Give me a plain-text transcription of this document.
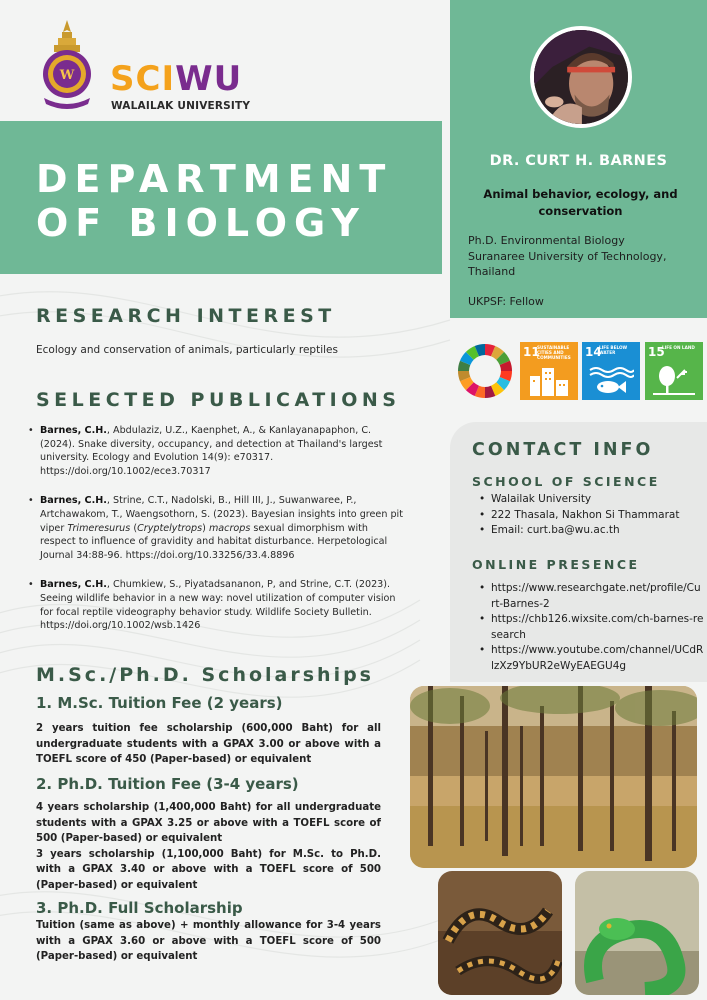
W SCIWU
WALAILAK UNIVERSITY
DEPARTMENT
OF BIOLOGY
DR. CURT H. BARNES
Animal behavior, ecology, and conservation
Ph.D. Environmental Biology
Suranaree University of Technology, Thailand
UKPSF: Fellow
RESEARCH INTEREST
Ecology and conservation of animals, particularly reptiles	11
SUSTAINABLE CITIES AND COMMUNITIES	14
LIFE BELOW WATER	15
LIFE ON LAND
SELECTED PUBLICATIONS
• Barnes, C.H., Abdulaziz, U.Z., Kaenphet, A., & Kanlayanapaphon, C. (2024). Snake diversity, occupancy, and detection at Thailand's largest university. Ecology and Evolution 14(9): e70317. https://doi.org/10.1002/ece3.70317
• Barnes, C.H., Strine, C.T., Nadolski, B., Hill III, J., Suwanwaree, P., Artchawakom, T., Waengsothorn, S. (2023). Bayesian insights into green pit viper Trimeresurus (Cryptelytrops) macrops sexual dimorphism with respect to influence of gravidity and habitat disturbance. Herpetological Journal 34:88-96. https://doi.org/10.33256/33.4.8896
• Barnes, C.H., Chumkiew, S., Piyatadsananon, P, and Strine, C.T. (2023). Seeing wildlife behavior in a new way: novel utilization of computer vision for focal reptile videography behavior study. Wildlife Society Bulletin. https://doi.org/10.1002/wsb.1426
CONTACT INFO
SCHOOL OF SCIENCE
• Walailak University
• 222 Thasala, Nakhon Si Thammarat
• Email: curt.ba@wu.ac.th
ONLINE PRESENCE
• https://www.researchgate.net/profile/Curt-Barnes-2
• https://chb126.wixsite.com/ch-barnes-research
• https://www.youtube.com/channel/UCdRlzXz9YbUR2eWyEAEGU4g
M.Sc./Ph.D. Scholarships
1. M.Sc. Tuition Fee (2 years)
2 years tuition fee scholarship (600,000 Baht) for all undergraduate students with a GPAX 3.00 or above with a TOEFL score of 450 (Paper-based) or equivalent
2. Ph.D. Tuition Fee (3-4 years)
4 years scholarship (1,400,000 Baht) for all undergraduate students with a GPAX 3.25 or above with a TOEFL score of 500 (Paper-based) or equivalent
3 years scholarship (1,100,000 Baht) for M.Sc. to Ph.D. with a GPAX 3.40 or above with a TOEFL score of 500 (Paper-based) or equivalent
3. Ph.D. Full Scholarship
Tuition (same as above) + monthly allowance for 3-4 years with a GPAX 3.60 or above with a TOEFL score of 500 (Paper-based) or equivalent
